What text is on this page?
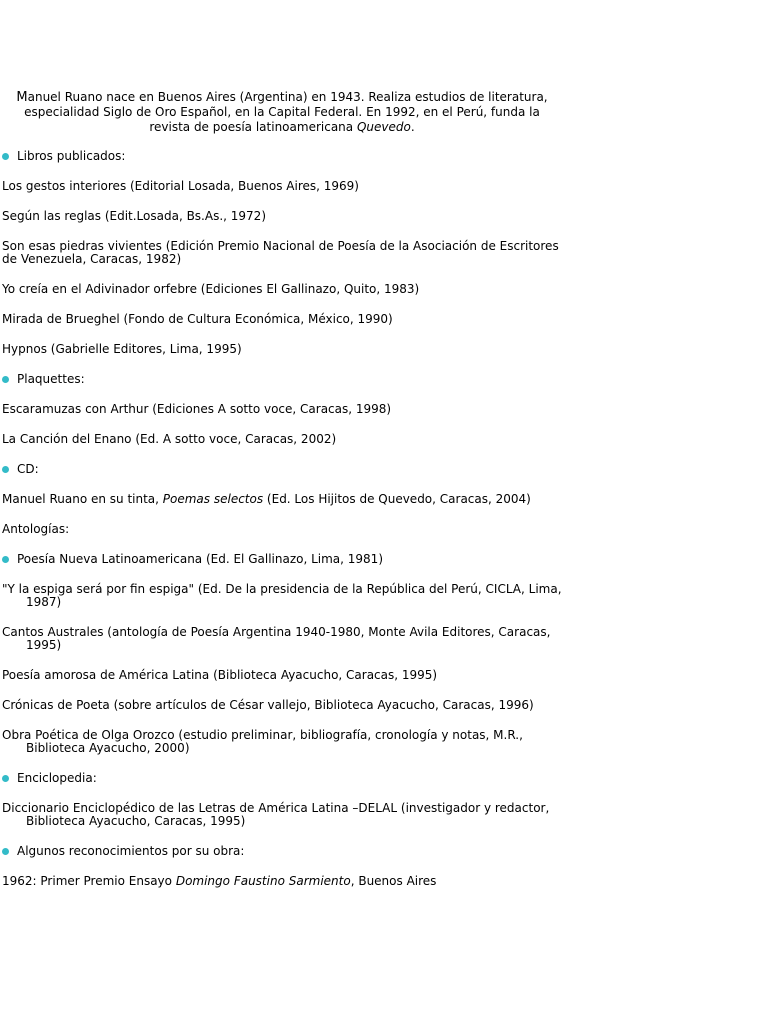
Manuel Ruano nace en Buenos Aires (Argentina) en 1943. Realiza estudios de literatura, especialidad Siglo de Oro Español, en la Capital Federal. En 1992, en el Perú, funda la revista de poesía latinoamericana Quevedo.

Libros publicados:

Los gestos interiores (Editorial Losada, Buenos Aires, 1969)

Según las reglas (Edit.Losada, Bs.As., 1972)

Son esas piedras vivientes (Edición Premio Nacional de Poesía de la Asociación de Escritores de Venezuela, Caracas, 1982)

Yo creía en el Adivinador orfebre (Ediciones El Gallinazo, Quito, 1983)

Mirada de Brueghel (Fondo de Cultura Económica, México, 1990)

Hypnos (Gabrielle Editores, Lima, 1995)

Plaquettes:

Escaramuzas con Arthur (Ediciones A sotto voce, Caracas, 1998)

La Canción del Enano (Ed. A sotto voce, Caracas, 2002)

CD:

Manuel Ruano en su tinta, Poemas selectos (Ed. Los Hijitos de Quevedo, Caracas, 2004)

Antologías:

Poesía Nueva Latinoamericana (Ed. El Gallinazo, Lima, 1981)

"Y la espiga será por fin espiga" (Ed. De la presidencia de la República del Perú, CICLA, Lima, 1987)

Cantos Australes (antología de Poesía Argentina 1940-1980, Monte Avila Editores, Caracas, 1995)

Poesía amorosa de América Latina (Biblioteca Ayacucho, Caracas, 1995)

Crónicas de Poeta (sobre artículos de César vallejo, Biblioteca Ayacucho, Caracas, 1996)

Obra Poética de Olga Orozco (estudio preliminar, bibliografía, cronología y notas, M.R., Biblioteca Ayacucho, 2000)

Enciclopedia:

Diccionario Enciclopédico de las Letras de América Latina –DELAL (investigador y redactor, Biblioteca Ayacucho, Caracas, 1995)

Algunos reconocimientos por su obra:

1962: Primer Premio Ensayo Domingo Faustino Sarmiento, Buenos Aires
